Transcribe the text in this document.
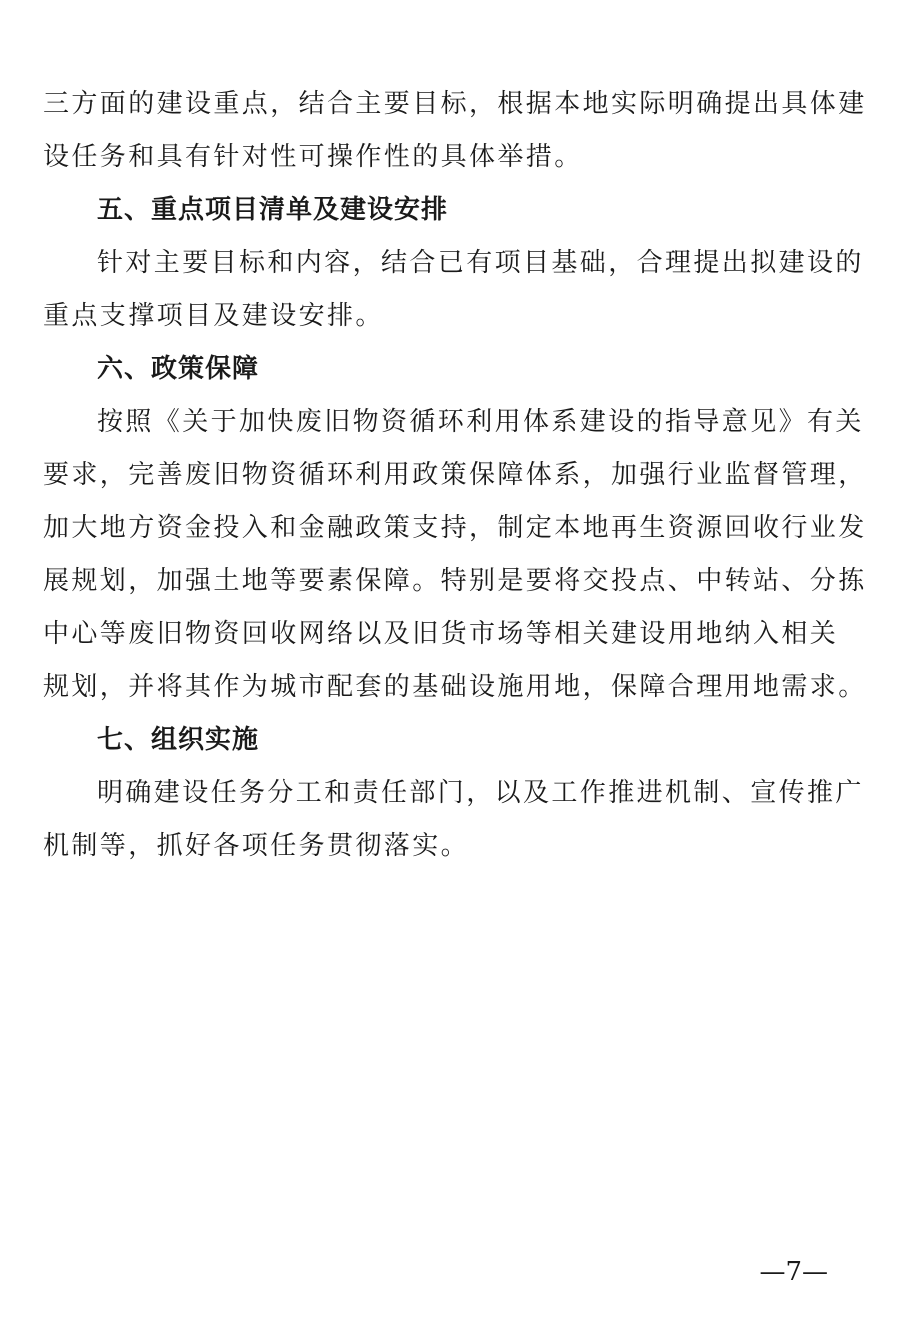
三方面的建设重点，结合主要目标，根据本地实际明确提出具体建
设任务和具有针对性可操作性的具体举措。
五、重点项目清单及建设安排
针对主要目标和内容，结合已有项目基础，合理提出拟建设的
重点支撑项目及建设安排。
六、政策保障
按照《关于加快废旧物资循环利用体系建设的指导意见》有关
要求，完善废旧物资循环利用政策保障体系，加强行业监督管理，
加大地方资金投入和金融政策支持，制定本地再生资源回收行业发
展规划，加强土地等要素保障。特别是要将交投点、中转站、分拣
中心等废旧物资回收网络以及旧货市场等相关建设用地纳入相关
规划，并将其作为城市配套的基础设施用地，保障合理用地需求。
七、组织实施
明确建设任务分工和责任部门，以及工作推进机制、宣传推广
机制等，抓好各项任务贯彻落实。
—7—
